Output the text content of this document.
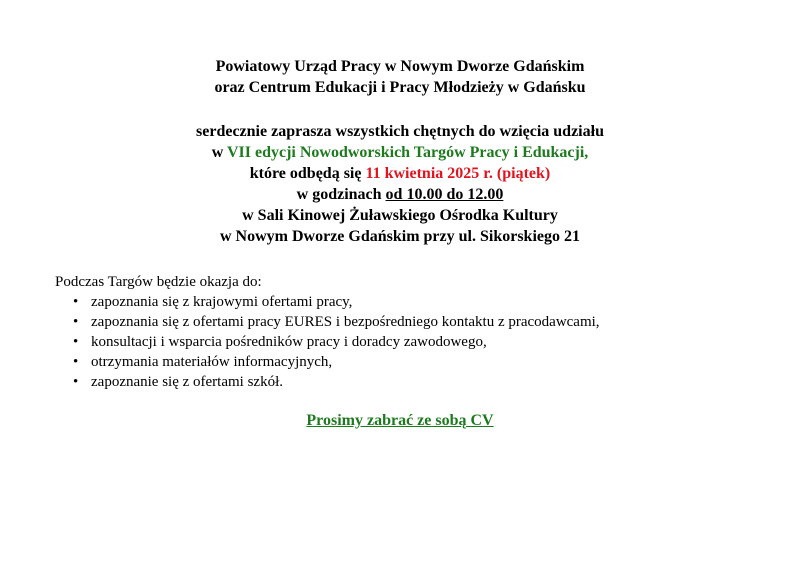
Powiatowy Urząd Pracy w Nowym Dworze Gdańskim
oraz Centrum Edukacji i Pracy Młodzieży w Gdańsku
serdecznie zaprasza wszystkich chętnych do wzięcia udziału
w VII edycji Nowodworskich Targów Pracy i Edukacji,
które odbędą się 11 kwietnia 2025 r. (piątek)
w godzinach od 10.00 do 12.00
w Sali Kinowej Żuławskiego Ośrodka Kultury
w Nowym Dworze Gdańskim przy ul. Sikorskiego 21
Podczas Targów będzie okazja do:
• zapoznania się z krajowymi ofertami pracy,
• zapoznania się z ofertami pracy EURES i bezpośredniego kontaktu z pracodawcami,
• konsultacji i wsparcia pośredników pracy i doradcy zawodowego,
• otrzymania materiałów informacyjnych,
• zapoznanie się z ofertami szkół.
Prosimy zabrać ze sobą CV
